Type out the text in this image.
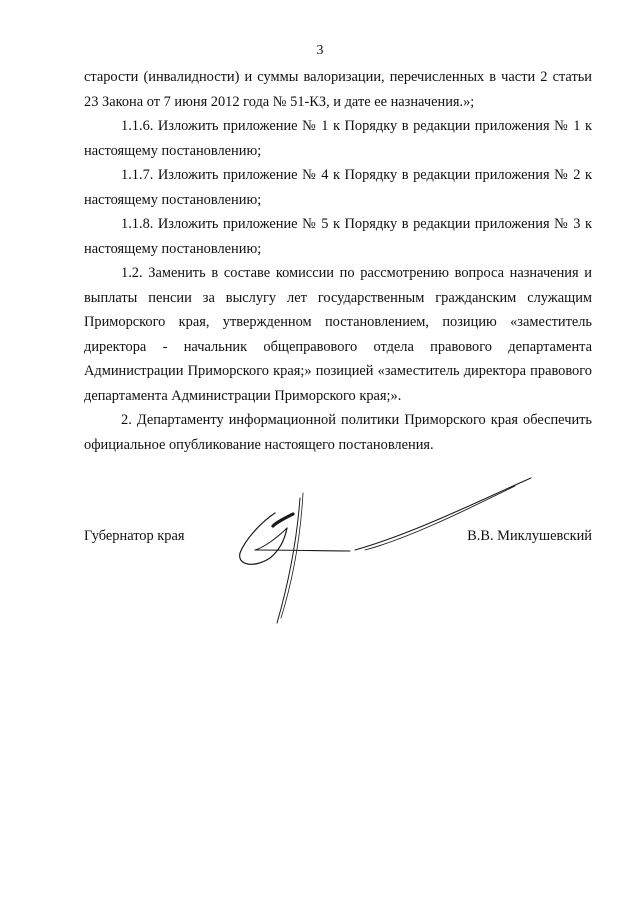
3

старости (инвалидности) и суммы валоризации, перечисленных в части 2 статьи 23 Закона от 7 июня 2012 года № 51-КЗ, и дате ее назначения.»;

1.1.6. Изложить приложение № 1 к Порядку в редакции приложения № 1 к настоящему постановлению;

1.1.7. Изложить приложение № 4 к Порядку в редакции приложения № 2 к настоящему постановлению;

1.1.8. Изложить приложение № 5 к Порядку в редакции приложения № 3 к настоящему постановлению;

1.2. Заменить в составе комиссии по рассмотрению вопроса назначения и выплаты пенсии за выслугу лет государственным гражданским служащим Приморского края, утвержденном постановлением, позицию «заместитель директора - начальник общеправового отдела правового департамента Администрации Приморского края;» позицией «заместитель директора правового департамента Администрации Приморского края;».

2. Департаменту информационной политики Приморского края обеспечить официальное опубликование настоящего постановления.

Губернатор края	В.В. Миклушевский
